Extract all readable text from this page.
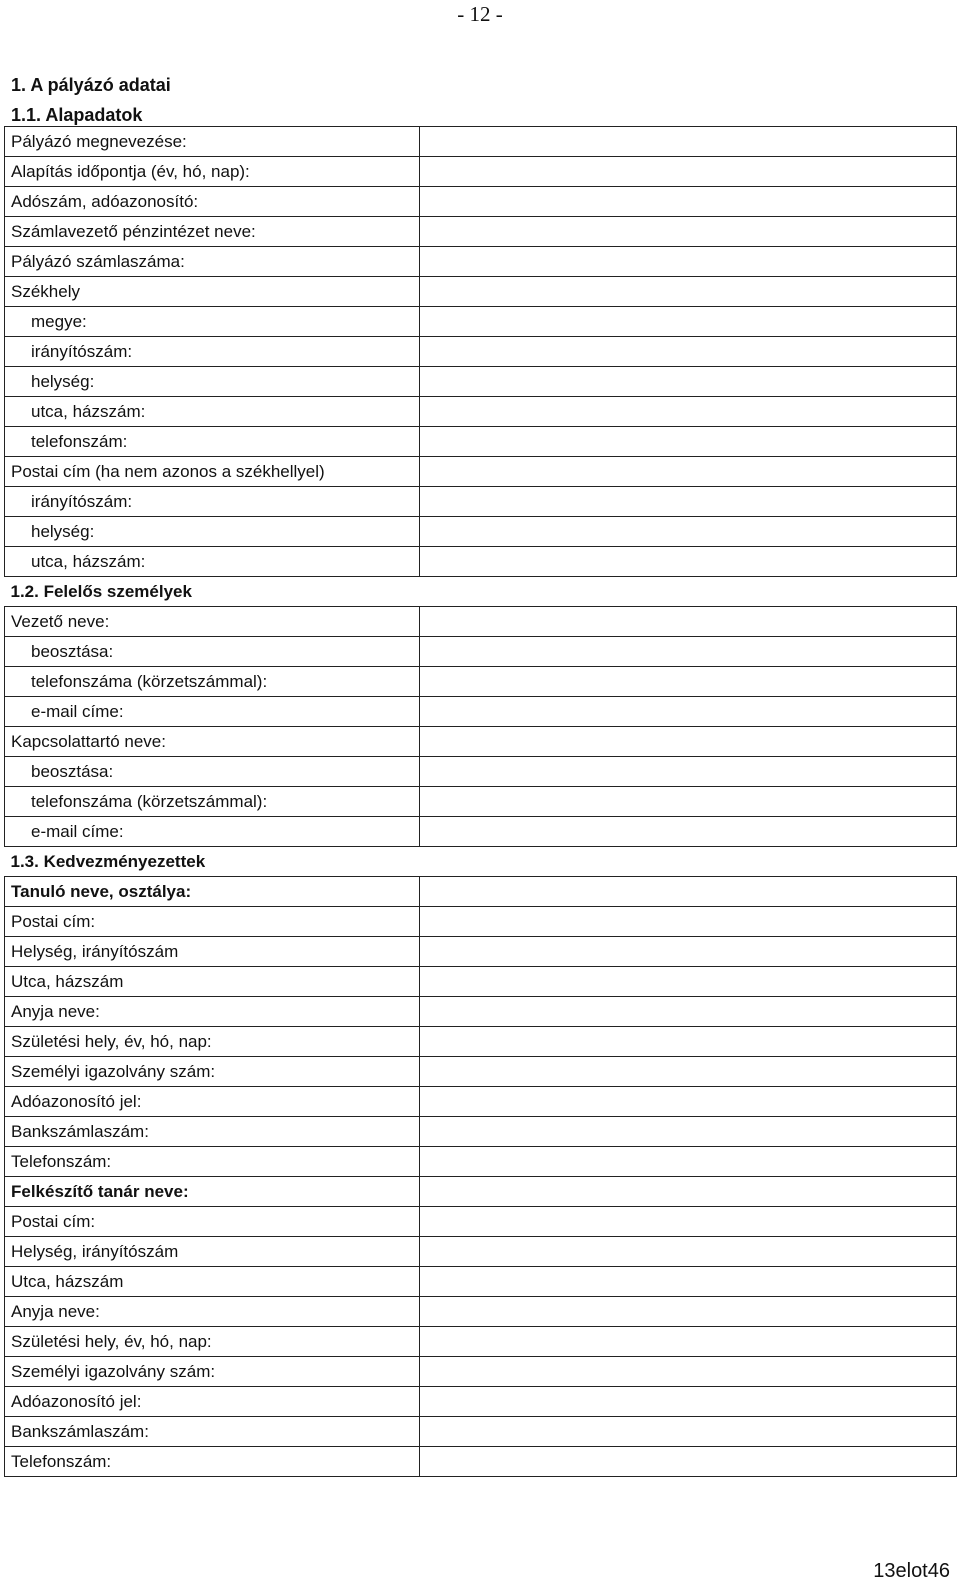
- 12 -
1. A pályázó adatai
1.1. Alapadatok
Pályázó megnevezése:	
Alapítás időpontja (év, hó, nap):	
Adószám, adóazonosító:	
Számlavezető pénzintézet neve:	
Pályázó számlaszáma:	
Székhely	
megye:	
irányítószám:	
helység:	
utca, házszám:	
telefonszám:	
Postai cím (ha nem azonos a székhellyel)	
irányítószám:	
helység:	
utca, házszám:	
1.2. Felelős személyek	
Vezető neve:	
beosztása:	
telefonszáma (körzetszámmal):	
e-mail címe:	
Kapcsolattartó neve:	
beosztása:	
telefonszáma (körzetszámmal):	
e-mail címe:	
1.3. Kedvezményezettek	
Tanuló neve, osztálya:	
Postai cím:	
Helység, irányítószám	
Utca, házszám	
Anyja neve:	
Születési hely, év, hó, nap:	
Személyi igazolvány szám:	
Adóazonosító jel:	
Bankszámlaszám:	
Telefonszám:	
Felkészítő tanár neve:	
Postai cím:	
Helység, irányítószám	
Utca, házszám	
Anyja neve:	
Születési hely, év, hó, nap:	
Személyi igazolvány szám:	
Adóazonosító jel:	
Bankszámlaszám:	
Telefonszám:	
13elot46
